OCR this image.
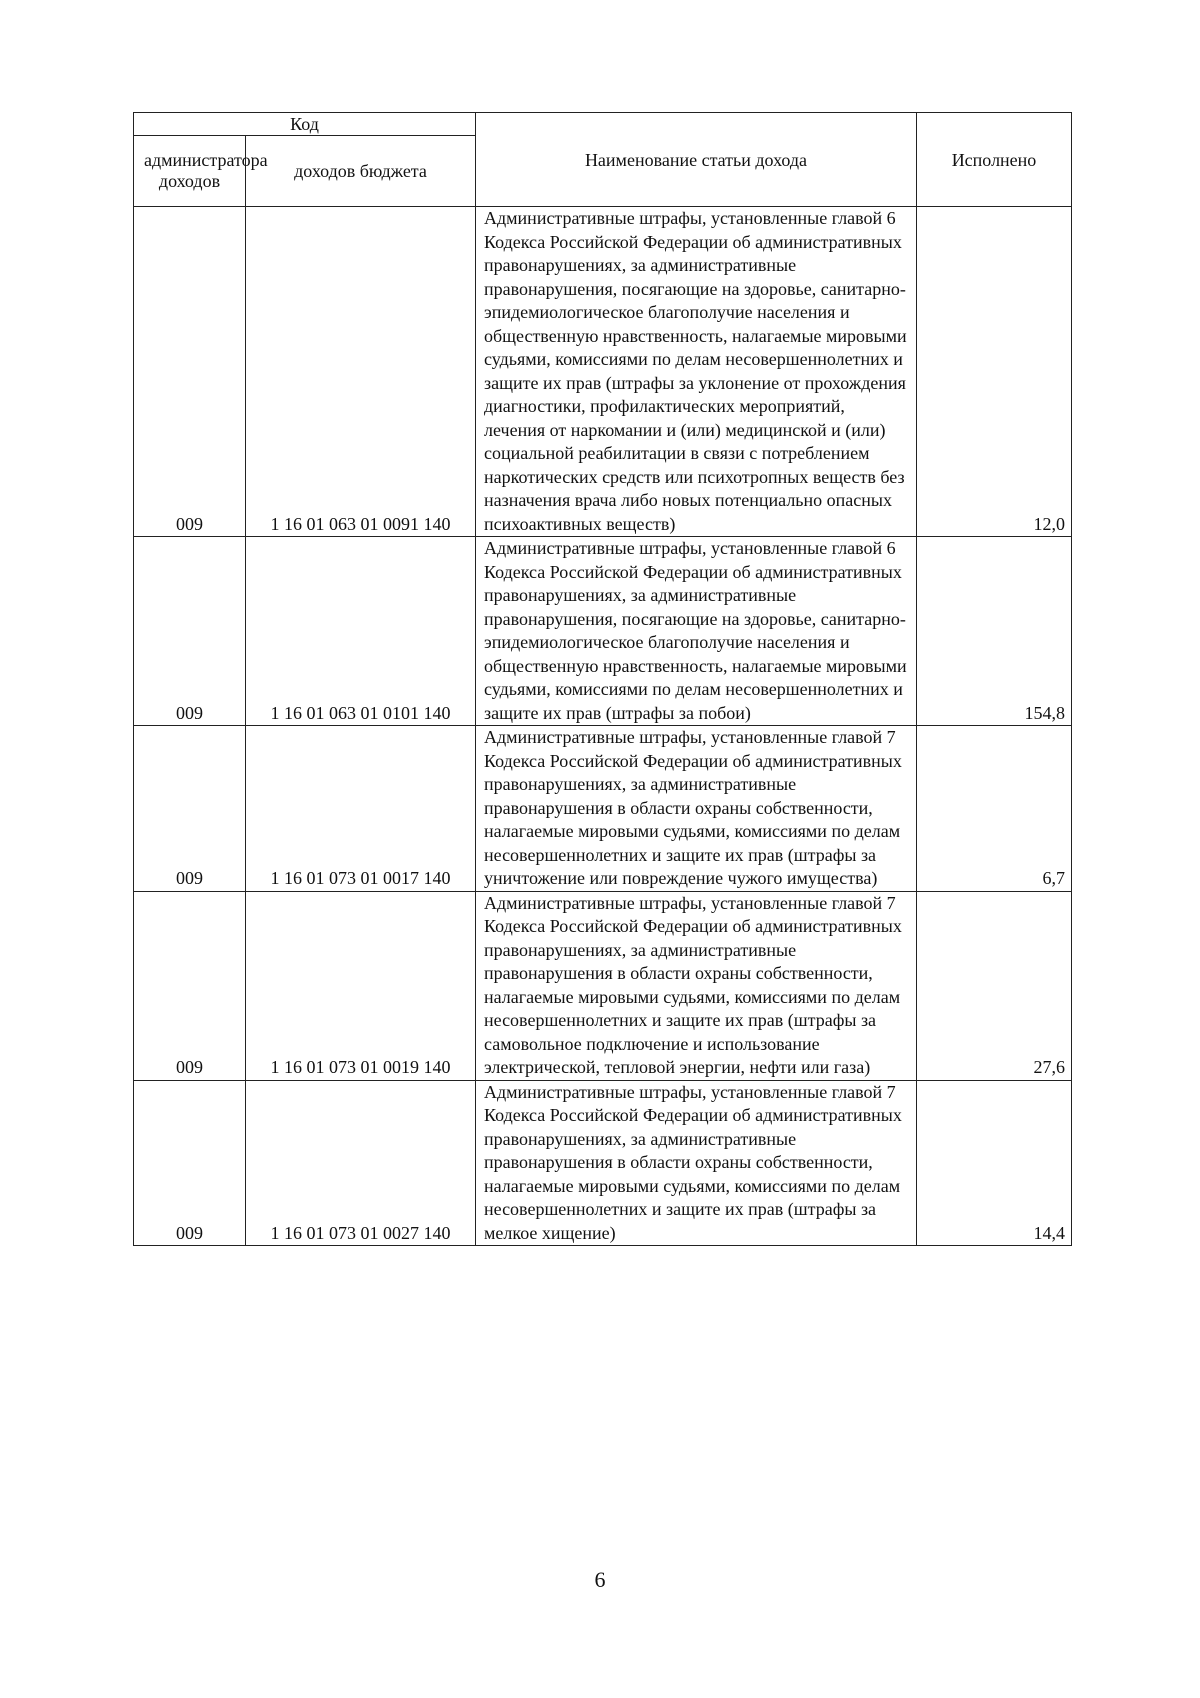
Код		Наименование статьи дохода	Исполнено
администратора доходов	доходов бюджета		
009	1 16 01 063 01 0091 140	Административные штрафы, установленные главой 6 Кодекса Российской Федерации об административных правонарушениях, за административные правонарушения, посягающие на здоровье, санитарно-эпидемиологическое благополучие населения и общественную нравственность, налагаемые мировыми судьями, комиссиями по делам несовершеннолетних и защите их прав (штрафы за уклонение от прохождения диагностики, профилактических мероприятий, лечения от наркомании и (или) медицинской и (или) социальной реабилитации в связи с потреблением наркотических средств или психотропных веществ без назначения врача либо новых потенциально опасных психоактивных веществ)	12,0
009	1 16 01 063 01 0101 140	Административные штрафы, установленные главой 6 Кодекса Российской Федерации об административных правонарушениях, за административные правонарушения, посягающие на здоровье, санитарно-эпидемиологическое благополучие населения и общественную нравственность, налагаемые мировыми судьями, комиссиями по делам несовершеннолетних и защите их прав (штрафы за побои)	154,8
009	1 16 01 073 01 0017 140	Административные штрафы, установленные главой 7 Кодекса Российской Федерации об административных правонарушениях, за административные правонарушения в области охраны собственности, налагаемые мировыми судьями, комиссиями по делам несовершеннолетних и защите их прав (штрафы за уничтожение или повреждение чужого имущества)	6,7
009	1 16 01 073 01 0019 140	Административные штрафы, установленные главой 7 Кодекса Российской Федерации об административных правонарушениях, за административные правонарушения в области охраны собственности, налагаемые мировыми судьями, комиссиями по делам несовершеннолетних и защите их прав (штрафы за самовольное подключение и использование электрической, тепловой энергии, нефти или газа)	27,6
009	1 16 01 073 01 0027 140	Административные штрафы, установленные главой 7 Кодекса Российской Федерации об административных правонарушениях, за административные правонарушения в области охраны собственности, налагаемые мировыми судьями, комиссиями по делам несовершеннолетних и защите их прав (штрафы за мелкое хищение)	14,4
6
